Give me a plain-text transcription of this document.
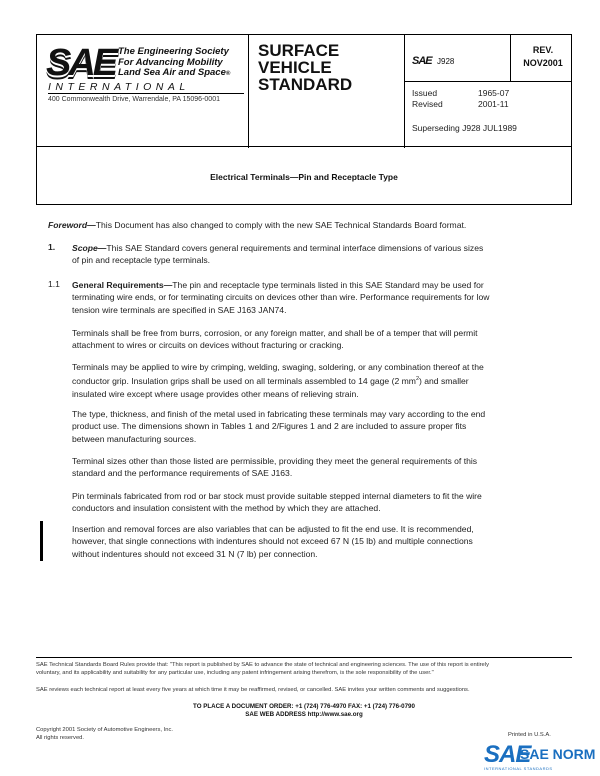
SAE The Engineering Society
For Advancing Mobility
Land Sea Air and Space®
INTERNATIONAL
400 Commonwealth Drive, Warrendale, PA 15096-0001
SURFACE
VEHICLE
STANDARD
SAE J928
REV.
NOV2001
Issued	1965-07
Revised	2001-11
Superseding J928 JUL1989
Electrical Terminals—Pin and Receptacle Type
Foreword—This Document has also changed to comply with the new SAE Technical Standards Board format.
1. Scope—This SAE Standard covers general requirements and terminal interface dimensions of various sizes
of pin and receptacle type terminals.
1.1 General Requirements—The pin and receptacle type terminals listed in this SAE Standard may be used for
terminating wire ends, or for terminating circuits on devices other than wire. Performance requirements for low
tension wire terminals are specified in SAE J163 JAN74.
Terminals shall be free from burrs, corrosion, or any foreign matter, and shall be of a temper that will permit
attachment to wires or circuits on devices without fracturing or cracking.
Terminals may be applied to wire by crimping, welding, swaging, soldering, or any combination thereof at the
conductor grip. Insulation grips shall be used on all terminals assembled to 14 gage (2 $mm^2$) and smaller
insulated wire except where usage provides other means of relieving strain.
The type, thickness, and finish of the metal used in fabricating these terminals may vary according to the end
product use. The dimensions shown in Tables 1 and 2/Figures 1 and 2 are included to assure proper fits
between manufacturing sources.
Terminal sizes other than those listed are permissible, providing they meet the general requirements of this
standard and the performance requirements of SAE J163.
Pin terminals fabricated from rod or bar stock must provide suitable stepped internal diameters to fit the wire
conductors and insulation consistent with the method by which they are attached.
Insertion and removal forces are also variables that can be adjusted to fit the end use. It is recommended,
however, that single connections with indentures should not exceed 67 N (15 lb) and multiple connections
without indentures should not exceed 31 N (7 lb) per connection.
SAE Technical Standards Board Rules provide that: "This report is published by SAE to advance the state of technical and engineering sciences. The use of this report is entirely
voluntary, and its applicability and suitability for any particular use, including any patent infringement arising therefrom, is the sole responsibility of the user."
SAE reviews each technical report at least every five years at which time it may be reaffirmed, revised, or cancelled. SAE invites your written comments and suggestions.
TO PLACE A DOCUMENT ORDER: +1 (724) 776-4970 FAX: +1 (724) 776-0790
SAE WEB ADDRESS http://www.sae.org
Copyright 2001 Society of Automotive Engineers, Inc.
All rights reserved.	Printed in U.S.A.
SAE
SAE NORM
INTERNATIONAL STANDARDS
